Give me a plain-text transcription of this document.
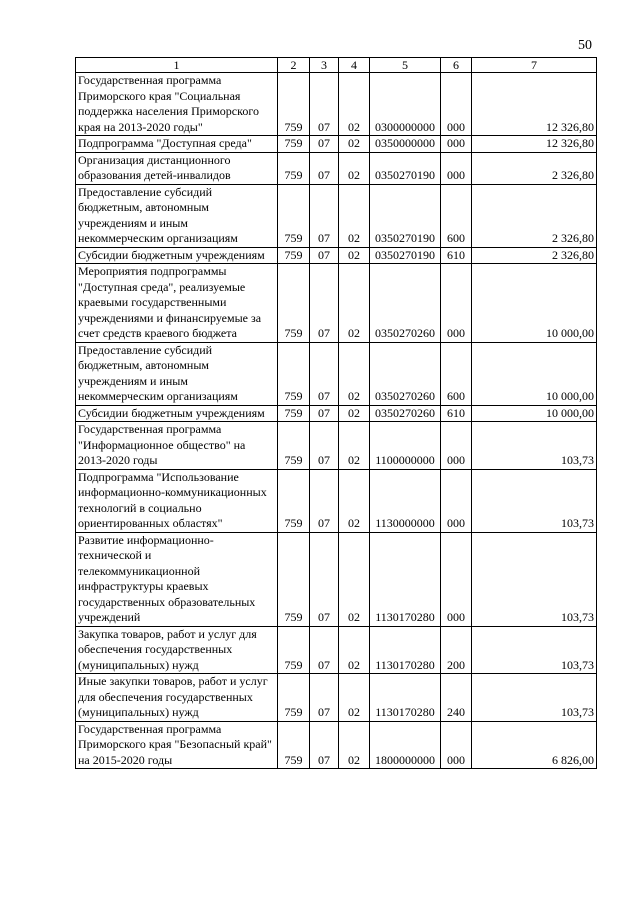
50
1	2	3	4	5	6	7
Государственная программа Приморского края "Социальная поддержка населения Приморского края на 2013-2020 годы"	759	07	02	0300000000	000	12 326,80
Подпрограмма "Доступная среда"	759	07	02	0350000000	000	12 326,80
Организация дистанционного образования детей-инвалидов	759	07	02	0350270190	000	2 326,80
Предоставление субсидий бюджетным, автономным учреждениям и иным некоммерческим организациям	759	07	02	0350270190	600	2 326,80
Субсидии бюджетным учреждениям	759	07	02	0350270190	610	2 326,80
Мероприятия подпрограммы "Доступная среда", реализуемые краевыми государственными учреждениями и финансируемые за счет средств краевого бюджета	759	07	02	0350270260	000	10 000,00
Предоставление субсидий бюджетным, автономным учреждениям и иным некоммерческим организациям	759	07	02	0350270260	600	10 000,00
Субсидии бюджетным учреждениям	759	07	02	0350270260	610	10 000,00
Государственная программа "Информационное общество" на 2013-2020 годы	759	07	02	1100000000	000	103,73
Подпрограмма "Использование информационно-коммуникационных технологий в социально ориентированных областях"	759	07	02	1130000000	000	103,73
Развитие информационно-технической и телекоммуникационной инфраструктуры краевых государственных образовательных учреждений	759	07	02	1130170280	000	103,73
Закупка товаров, работ и услуг для обеспечения государственных (муниципальных) нужд	759	07	02	1130170280	200	103,73
Иные закупки товаров, работ и услуг для обеспечения государственных (муниципальных) нужд	759	07	02	1130170280	240	103,73
Государственная программа Приморского края "Безопасный край" на 2015-2020 годы	759	07	02	1800000000	000	6 826,00
